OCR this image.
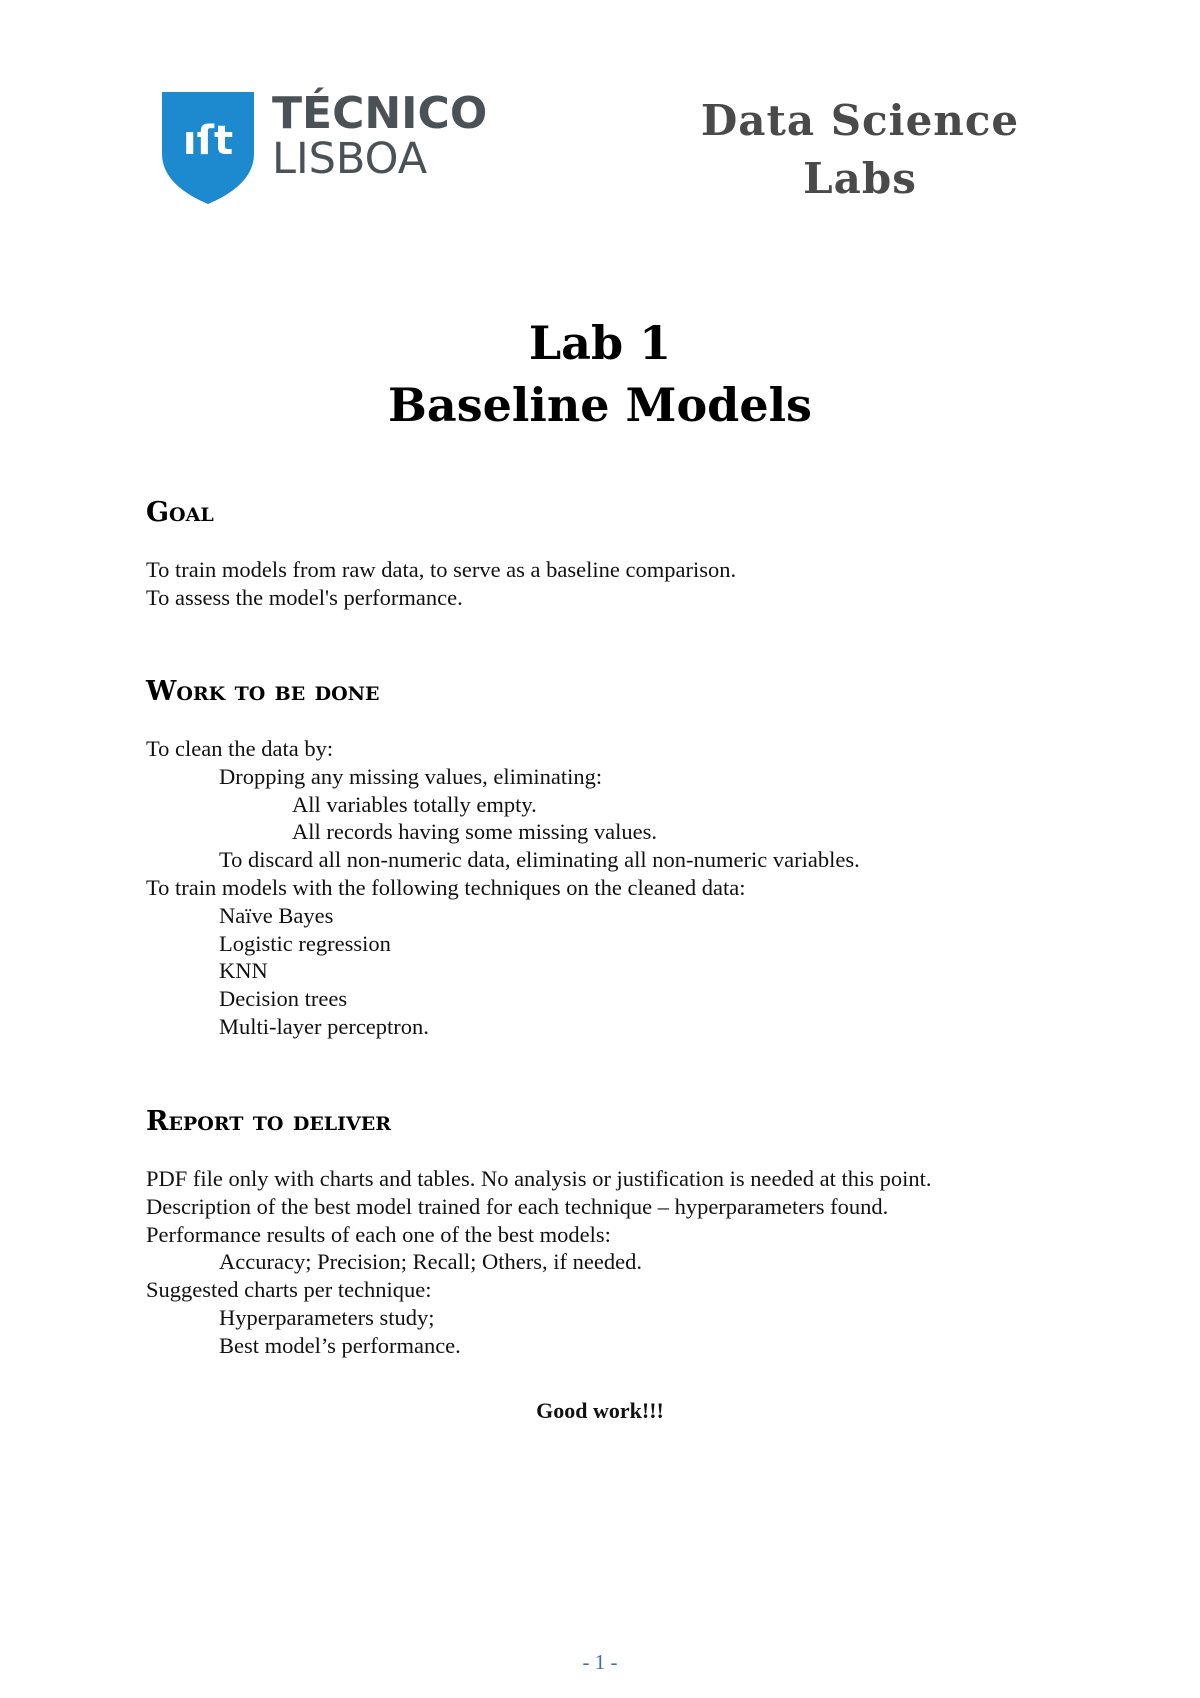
ıſt
TÉCNICO
LISBOA
Data Science
Labs
Lab 1
Baseline Models
Goal
To train models from raw data, to serve as a baseline comparison.
To assess the model's performance.
Work to be done
To clean the data by:
Dropping any missing values, eliminating:
All variables totally empty.
All records having some missing values.
To discard all non-numeric data, eliminating all non-numeric variables.
To train models with the following techniques on the cleaned data:
Naïve Bayes
Logistic regression
KNN
Decision trees
Multi-layer perceptron.
Report to deliver
PDF file only with charts and tables. No analysis or justification is needed at this point.
Description of the best model trained for each technique – hyperparameters found.
Performance results of each one of the best models:
Accuracy; Precision; Recall; Others, if needed.
Suggested charts per technique:
Hyperparameters study;
Best model’s performance.
Good work!!!
- 1 -
